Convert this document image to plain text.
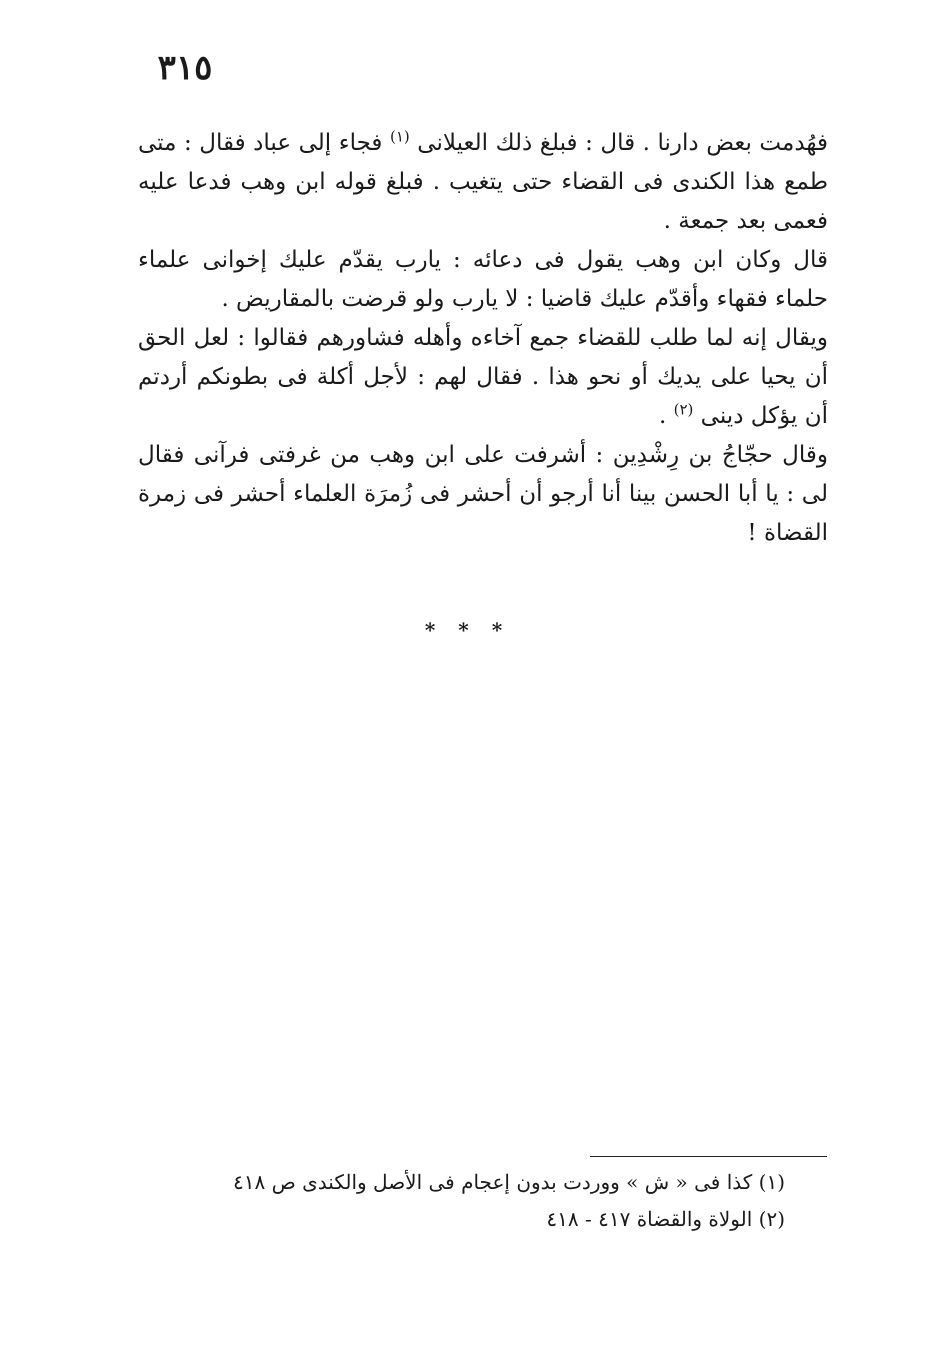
٣١٥

فهُدمت بعض دارنا . قال : فبلغ ذلك العيلانى $^{(١)}$ فجاء إلى عباد فقال : متى طمع هذا الكندى فى القضاء حتى يتغيب . فبلغ قوله ابن وهب فدعا عليه فعمى بعد جمعة .

قال وكان ابن وهب يقول فى دعائه : يارب يقدّم عليك إخوانى علماء حلماء فقهاء وأقدّم عليك قاضيا : لا يارب ولو قرضت بالمقاريض .

ويقال إنه لما طلب للقضاء جمع آخاءه وأهله فشاورهم فقالوا : لعل الحق أن يحيا على يديك أو نحو هذا . فقال لهم : لأجل أكلة فى بطونكم أردتم أن يؤكل دينى $^{(٢)}$ .

وقال حجّاجُ بن رِشْدِين : أشرفت على ابن وهب من غرفتى فرآنى فقال لى : يا أبا الحسن بينا أنا أرجو أن أحشر فى زُمرَة العلماء أحشر فى زمرة القضاة !

* * *

(١) كذا فى « ش » ووردت بدون إعجام فى الأصل والكندى ص ٤١٨

(٢) الولاة والقضاة ٤١٧ - ٤١٨
